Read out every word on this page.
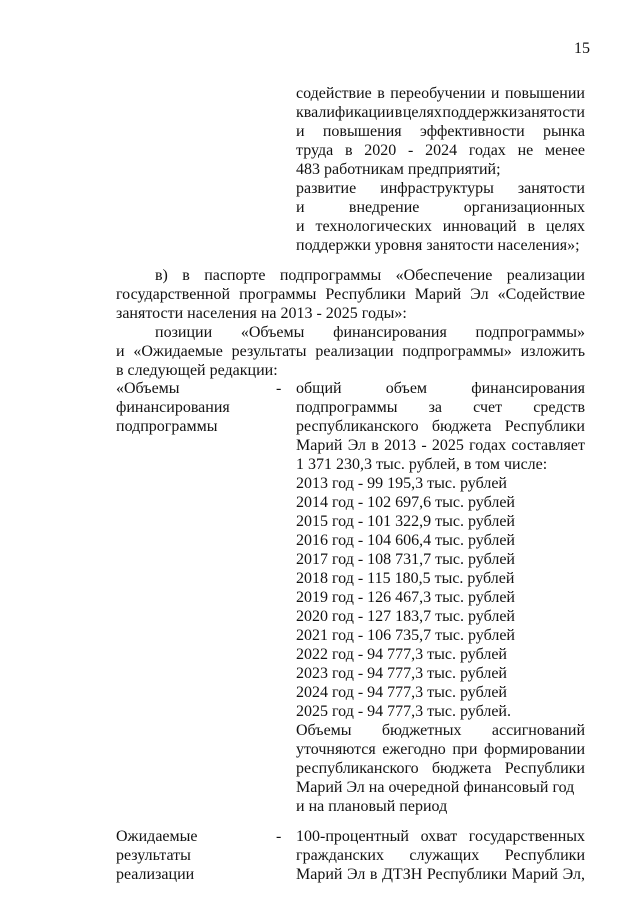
15
содействие в переобучении и повышении
квалификации в целях поддержки занятости
и повышения эффективности рынка
труда в 2020 - 2024 годах не менее
483 работникам предприятий;
развитие инфраструктуры занятости
и	внедрение	организационных
и технологических инноваций в целях
поддержки уровня занятости населения»;
в) в паспорте подпрограммы «Обеспечение реализации
государственной программы Республики Марий Эл «Содействие
занятости населения на 2013 - 2025 годы»:
позиции «Объемы финансирования подпрограммы»
и «Ожидаемые результаты реализации подпрограммы» изложить
в следующей редакции:
«Объемы
финансирования
подпрограммы
- общий объем финансирования
подпрограммы за счет средств
республиканского бюджета Республики
Марий Эл в 2013 - 2025 годах составляет
1 371 230,3 тыс. рублей, в том числе:
2013 год - 99 195,3 тыс. рублей
2014 год - 102 697,6 тыс. рублей
2015 год - 101 322,9 тыс. рублей
2016 год - 104 606,4 тыс. рублей
2017 год - 108 731,7 тыс. рублей
2018 год - 115 180,5 тыс. рублей
2019 год - 126 467,3 тыс. рублей
2020 год - 127 183,7 тыс. рублей
2021 год - 106 735,7 тыс. рублей
2022 год - 94 777,3 тыс. рублей
2023 год - 94 777,3 тыс. рублей
2024 год - 94 777,3 тыс. рублей
2025 год - 94 777,3 тыс. рублей.
Объемы бюджетных ассигнований
уточняются ежегодно при формировании
республиканского бюджета Республики
Марий Эл на очередной финансовый год
и на плановый период
Ожидаемые
результаты
реализации
- 100-процентный охват государственных
гражданских служащих Республики
Марий Эл в ДТЗН Республики Марий Эл,
